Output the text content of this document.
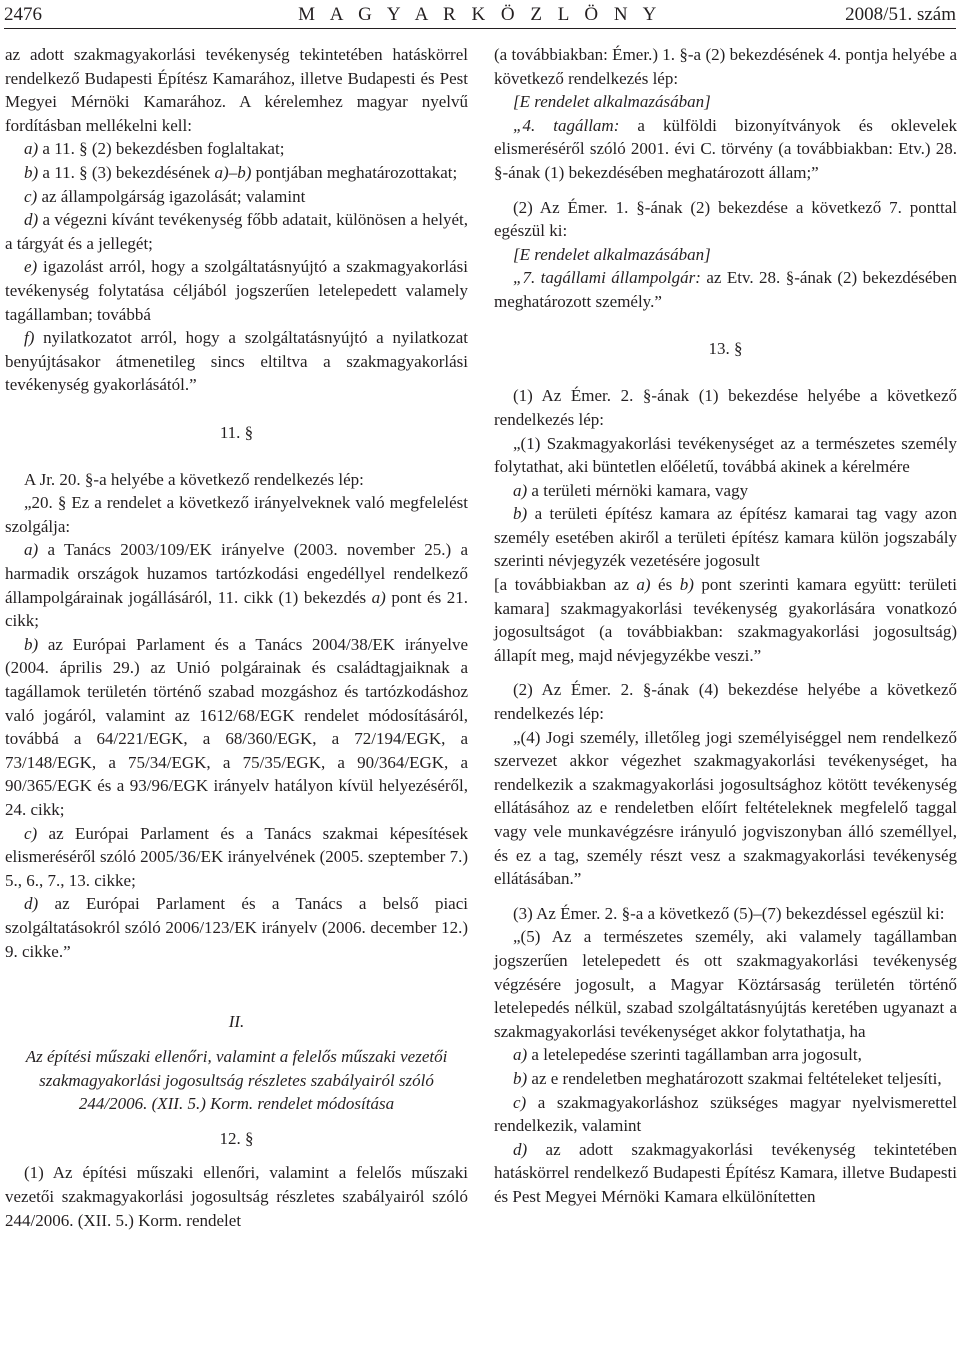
M A G Y A R K Ö Z L Ö N Y
2476	2008/51. szám

az adott szakmagyakorlási tevékenység tekintetében hatáskörrel rendelkező Budapesti Építész Kamarához, illetve Budapesti és Pest Megyei Mérnöki Kamarához. A kérelemhez magyar nyelvű fordításban mellékelni kell:

a) a 11. § (2) bekezdésben foglaltakat;

b) a 11. § (3) bekezdésének a)–b) pontjában meghatározottakat;

c) az állampolgárság igazolását; valamint

d) a végezni kívánt tevékenység főbb adatait, különösen a helyét, a tárgyát és a jellegét;

e) igazolást arról, hogy a szolgáltatásnyújtó a szakmagyakorlási tevékenység folytatása céljából jogszerűen letelepedett valamely tagállamban; továbbá

f) nyilatkozatot arról, hogy a szolgáltatásnyújtó a nyilatkozat benyújtásakor átmenetileg sincs eltiltva a szakmagyakorlási tevékenység gyakorlásától.”

11. §

A Jr. 20. §-a helyébe a következő rendelkezés lép:

„20. § Ez a rendelet a következő irányelveknek való megfelelést szolgálja:

a) a Tanács 2003/109/EK irányelve (2003. november 25.) a harmadik országok huzamos tartózkodási engedéllyel rendelkező állampolgárainak jogállásáról, 11. cikk (1) bekezdés a) pont és 21. cikk;

b) az Európai Parlament és a Tanács 2004/38/EK irányelve (2004. április 29.) az Unió polgárainak és családtagjaiknak a tagállamok területén történő szabad mozgáshoz és tartózkodáshoz való jogáról, valamint az 1612/68/EGK rendelet módosításáról, továbbá a 64/221/EGK, a 68/360/EGK, a 72/194/EGK, a 73/148/EGK, a 75/34/EGK, a 75/35/EGK, a 90/364/EGK, a 90/365/EGK és a 93/96/EGK irányelv hatályon kívül helyezéséről, 24. cikk;

c) az Európai Parlament és a Tanács szakmai képesítések elismeréséről szóló 2005/36/EK irányelvének (2005. szeptember 7.) 5., 6., 7., 13. cikke;

d) az Európai Parlament és a Tanács a belső piaci szolgáltatásokról szóló 2006/123/EK irányelv (2006. december 12.) 9. cikke.”

II.

Az építési műszaki ellenőri, valamint a felelős műszaki vezetői szakmagyakorlási jogosultság részletes szabályairól szóló 244/2006. (XII. 5.) Korm. rendelet módosítása

12. §

(1) Az építési műszaki ellenőri, valamint a felelős műszaki vezetői szakmagyakorlási jogosultság részletes szabályairól szóló 244/2006. (XII. 5.) Korm. rendelet

(a továbbiakban: Émer.) 1. §-a (2) bekezdésének 4. pontja helyébe a következő rendelkezés lép:

[E rendelet alkalmazásában]

„4. tagállam: a külföldi bizonyítványok és oklevelek elismeréséről szóló 2001. évi C. törvény (a továbbiakban: Etv.) 28. §-ának (1) bekezdésében meghatározott állam;”

(2) Az Émer. 1. §-ának (2) bekezdése a következő 7. ponttal egészül ki:

[E rendelet alkalmazásában]

„7. tagállami állampolgár: az Etv. 28. §-ának (2) bekezdésében meghatározott személy.”

13. §

(1) Az Émer. 2. §-ának (1) bekezdése helyébe a következő rendelkezés lép:

„(1) Szakmagyakorlási tevékenységet az a természetes személy folytathat, aki büntetlen előéletű, továbbá akinek a kérelmére

a) a területi mérnöki kamara, vagy

b) a területi építész kamara az építész kamarai tag vagy azon személy esetében akiről a területi építész kamara külön jogszabály szerinti névjegyzék vezetésére jogosult

[a továbbiakban az a) és b) pont szerinti kamara együtt: területi kamara] szakmagyakorlási tevékenység gyakorlására vonatkozó jogosultságot (a továbbiakban: szakmagyakorlási jogosultság) állapít meg, majd névjegyzékbe veszi.”

(2) Az Émer. 2. §-ának (4) bekezdése helyébe a következő rendelkezés lép:

„(4) Jogi személy, illetőleg jogi személyiséggel nem rendelkező szervezet akkor végezhet szakmagyakorlási tevékenységet, ha rendelkezik a szakmagyakorlási jogosultsághoz kötött tevékenység ellátásához az e rendeletben előírt feltételeknek megfelelő taggal vagy vele munkavégzésre irányuló jogviszonyban álló személlyel, és ez a tag, személy részt vesz a szakmagyakorlási tevékenység ellátásában.”

(3) Az Émer. 2. §-a a következő (5)–(7) bekezdéssel egészül ki:

„(5) Az a természetes személy, aki valamely tagállamban jogszerűen letelepedett és ott szakmagyakorlási tevékenység végzésére jogosult, a Magyar Köztársaság területén történő letelepedés nélkül, szabad szolgáltatásnyújtás keretében ugyanazt a szakmagyakorlási tevékenységet akkor folytathatja, ha

a) a letelepedése szerinti tagállamban arra jogosult,

b) az e rendeletben meghatározott szakmai feltételeket teljesíti,

c) a szakmagyakorláshoz szükséges magyar nyelvismerettel rendelkezik, valamint

d) az adott szakmagyakorlási tevékenység tekintetében hatáskörrel rendelkező Budapesti Építész Kamara, illetve Budapesti és Pest Megyei Mérnöki Kamara elkülönítetten
